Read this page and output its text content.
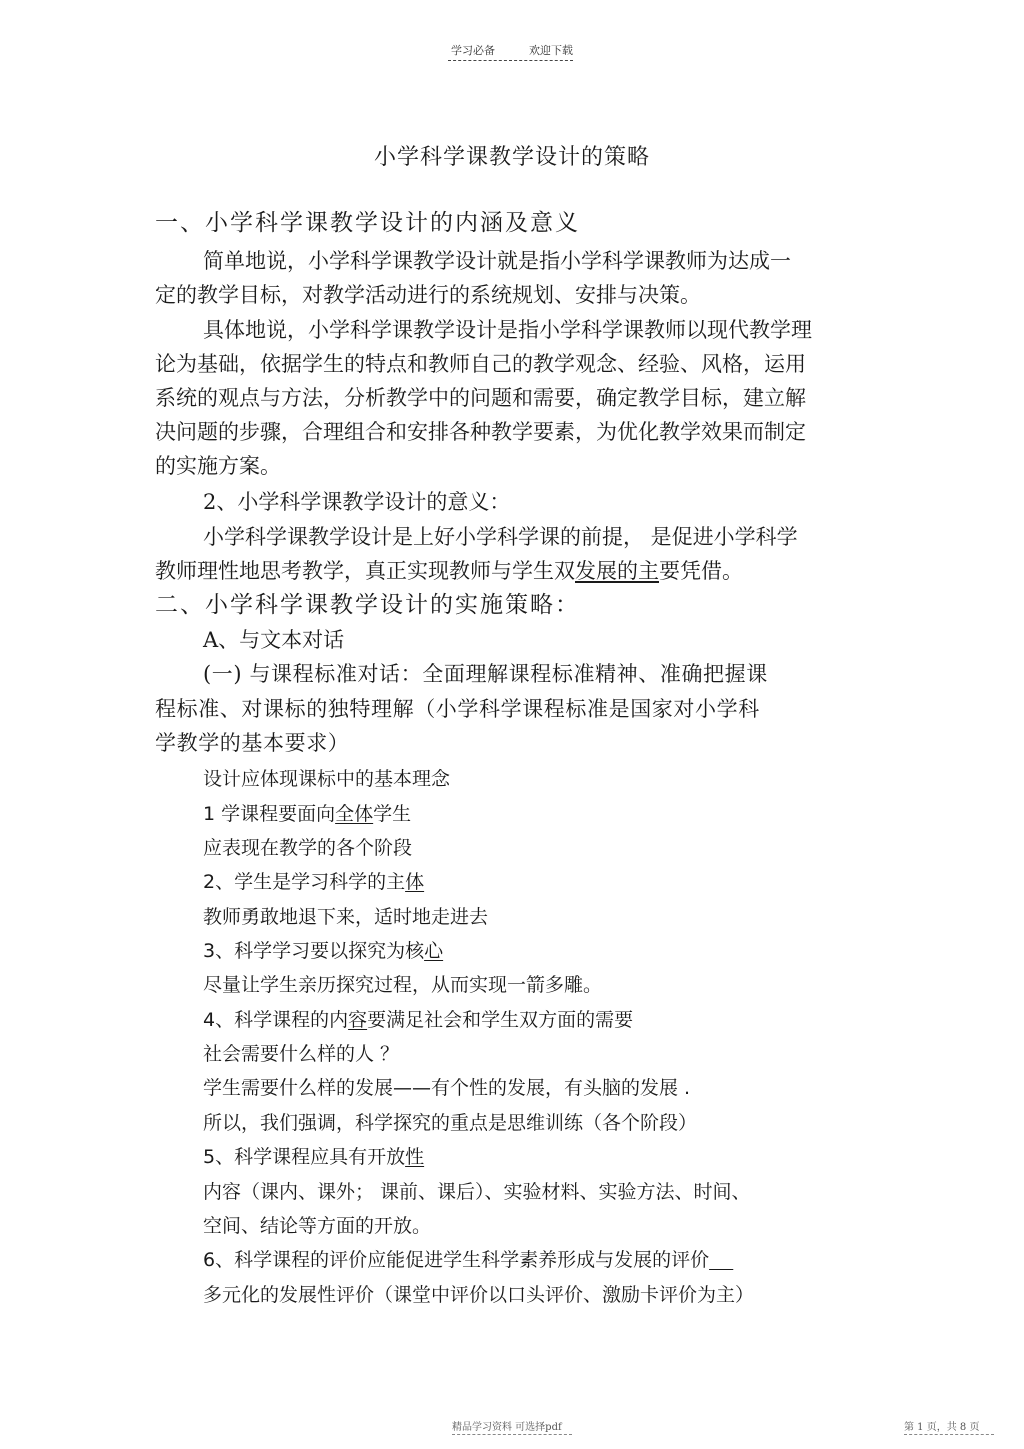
学习必备	欢迎下载
小学科学课教学设计的策略
一、小学科学课教学设计的内涵及意义
简单地说，小学科学课教学设计就是指小学科学课教师为达成一
定的教学目标，对教学活动进行的系统规划、安排与决策。
具体地说，小学科学课教学设计是指小学科学课教师以现代教学理
论为基础，依据学生的特点和教师自己的教学观念、经验、风格，运用
系统的观点与方法，分析教学中的问题和需要，确定教学目标，建立解
决问题的步骤，合理组合和安排各种教学要素，为优化教学效果而制定
的实施方案。
2、小学科学课教学设计的意义：
小学科学课教学设计是上好小学科学课的前提， 是促进小学科学
教师理性地思考教学，真正实现教师与学生双发展的主要凭借。
二、小学科学课教学设计的实施策略：
A、与文本对话
(一) 与课程标准对话：全面理解课程标准精神、准确把握课
程标准、对课标的独特理解（小学科学课程标准是国家对小学科
学教学的基本要求）
设计应体现课标中的基本理念
1 学课程要面向全体学生
应表现在教学的各个阶段
2、学生是学习科学的主体
教师勇敢地退下来，适时地走进去
3、科学学习要以探究为核心
尽量让学生亲历探究过程，从而实现一箭多雕。
4、科学课程的内容要满足社会和学生双方面的需要
社会需要什么样的人 ？
学生需要什么样的发展——有个性的发展，有头脑的发展 .
所以，我们强调，科学探究的重点是思维训练（各个阶段）
5、科学课程应具有开放性
内容（课内、课外； 课前、课后）、实验材料、实验方法、时间、
空间、结论等方面的开放。
6、科学课程的评价应能促进学生科学素养形成与发展的评价
多元化的发展性评价（课堂中评价以口头评价、激励卡评价为主）
精品学习资料 可选择pdf	第 1 页，共 8 页
